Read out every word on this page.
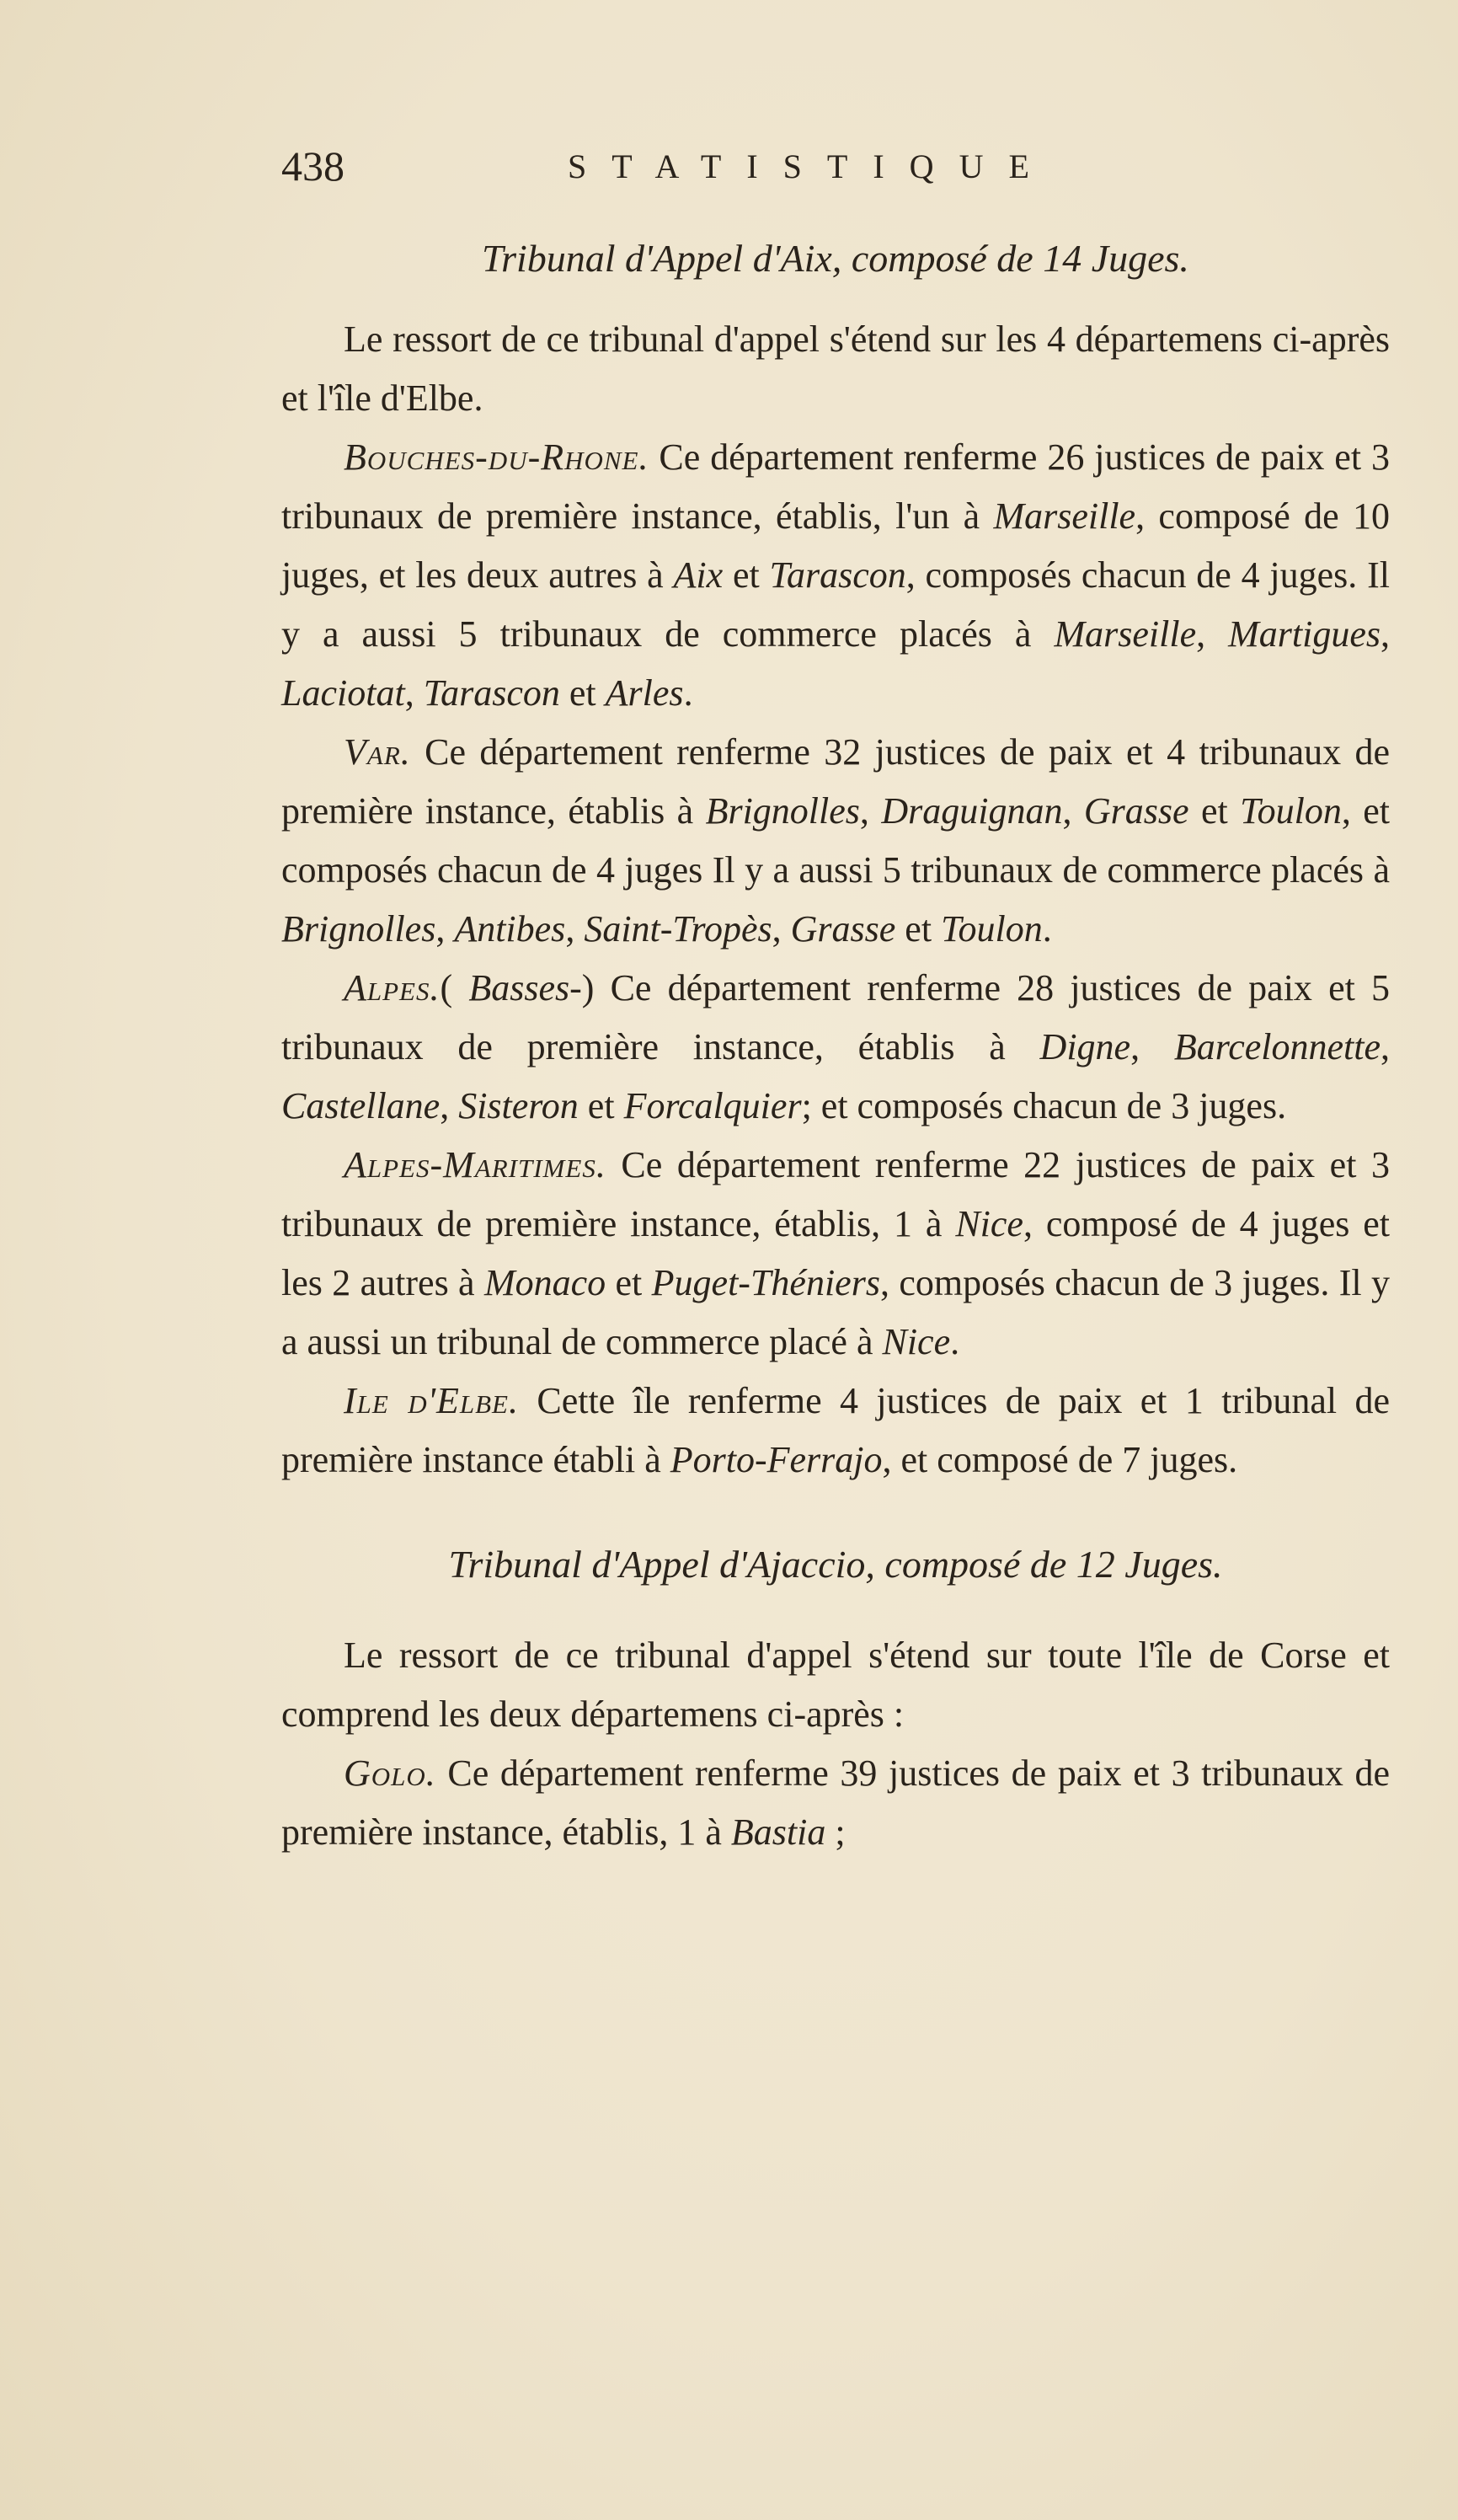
438	STATISTIQUE

Tribunal d'Appel d'Aix, composé de 14 Juges.

Le ressort de ce tribunal d'appel s'étend sur les 4 départemens ci-après et l'île d'Elbe.

Bouches-du-Rhone. Ce département renferme 26 justices de paix et 3 tribunaux de première instance, établis, l'un à Marseille, composé de 10 juges, et les deux autres à Aix et Tarascon, composés chacun de 4 juges. Il y a aussi 5 tribunaux de commerce placés à Marseille, Martigues, Laciotat, Tarascon et Arles.

Var. Ce département renferme 32 justices de paix et 4 tribunaux de première instance, établis à Brignolles, Draguignan, Grasse et Toulon, et composés chacun de 4 juges Il y a aussi 5 tribunaux de commerce placés à Brignolles, Antibes, Saint-Tropès, Grasse et Toulon.

Alpes.( Basses-) Ce département renferme 28 justices de paix et 5 tribunaux de première instance, établis à Digne, Barcelonnette, Castellane, Sisteron et Forcalquier; et composés chacun de 3 juges.

Alpes-Maritimes. Ce département renferme 22 justices de paix et 3 tribunaux de première instance, établis, 1 à Nice, composé de 4 juges et les 2 autres à Monaco et Puget-Théniers, composés chacun de 3 juges. Il y a aussi un tribunal de commerce placé à Nice.

Ile d'Elbe. Cette île renferme 4 justices de paix et 1 tribunal de première instance établi à Porto-Ferrajo, et composé de 7 juges.

Tribunal d'Appel d'Ajaccio, composé de 12 Juges.

Le ressort de ce tribunal d'appel s'étend sur toute l'île de Corse et comprend les deux départemens ci-après :

Golo. Ce département renferme 39 justices de paix et 3 tribunaux de première instance, établis, 1 à Bastia ;
